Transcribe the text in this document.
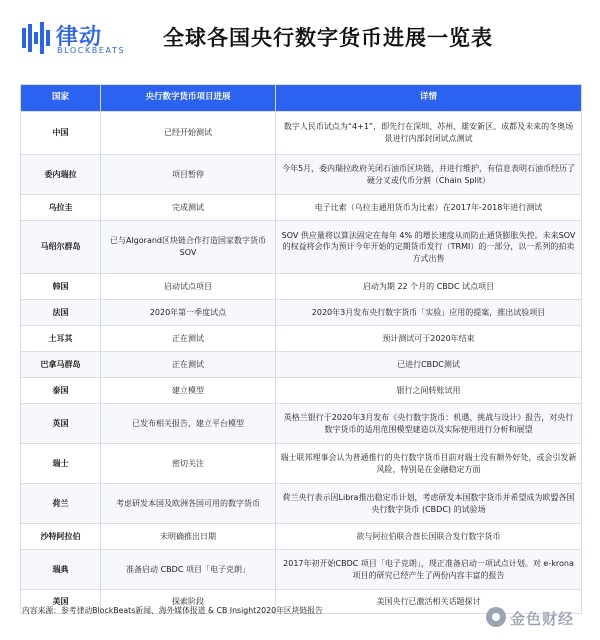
律动
BLOCKBEATS
全球各国央行数字货币进展一览表
国家	央行数字货币项目进展	详情
中国	已经开始测试	数字人民币试点为“4+1”，即先行在深圳、苏州、雄安新区、成都及未来的冬奥场景进行内部封闭试点测试
委内瑞拉	项目暂停	今年5月，委内瑞拉政府关闭石油币区块链，并进行维护，有信息表明石油币经历了硬分叉或代币分割（Chain Split）
乌拉圭	完成测试	电子比索（乌拉圭通用货币为比索）在2017年-2018年进行测试
马绍尔群岛	已与Algorand区块链合作打造国家数字货币SOV	SOV 供应量将以算法固定在每年 4% 的增长速度从而防止通货膨胀失控。未来SOV的权益将会作为预计今年开始的定期货币发行（TRMI）的一部分，以一系列的拍卖方式出售
韩国	启动试点项目	启动为期 22 个月的 CBDC 试点项目
法国	2020年第一季度试点	2020年3月发布央行数字货币「实验」应用的提案，推出试验项目
土耳其	正在测试	预计测试可于2020年结束
巴拿马群岛	正在测试	已进行CBDC测试
泰国	建立模型	银行之间转账试用
英国	已发布相关报告，建立平台模型	英格兰银行于2020年3月发布《央行数字货币：机遇、挑战与设计》报告，对央行数字货币的适用范围模型建造以及实际使用进行分析和展望
瑞士	密切关注	瑞士联邦理事会认为普通推行的央行数字货币目前对瑞士没有额外好处，或会引发新风险，特别是在金融稳定方面
荷兰	考虑研发本国及欧洲各国可用的数字货币	荷兰央行表示因Libra推出稳定币计划，考虑研发本国数字货币并希望成为欧盟各国央行数字货币 (CBDC) 的试验场
沙特阿拉伯	未明确推出日期	欲与阿拉伯联合酋长国联合发行数字货币
瑞典	准备启动 CBDC 项目「电子克朗」	2017年初开始CBDC 项目「电子克朗」，现正准备启动一项试点计划。对 e-krona 项目的研究已经产生了两份内容丰富的报告
美国	探索阶段	美国央行已激活相关话题探讨
内容来源：参考律动BlockBeats新闻、海外媒体报道 & CB Insight2020年区块链报告	金色财经
